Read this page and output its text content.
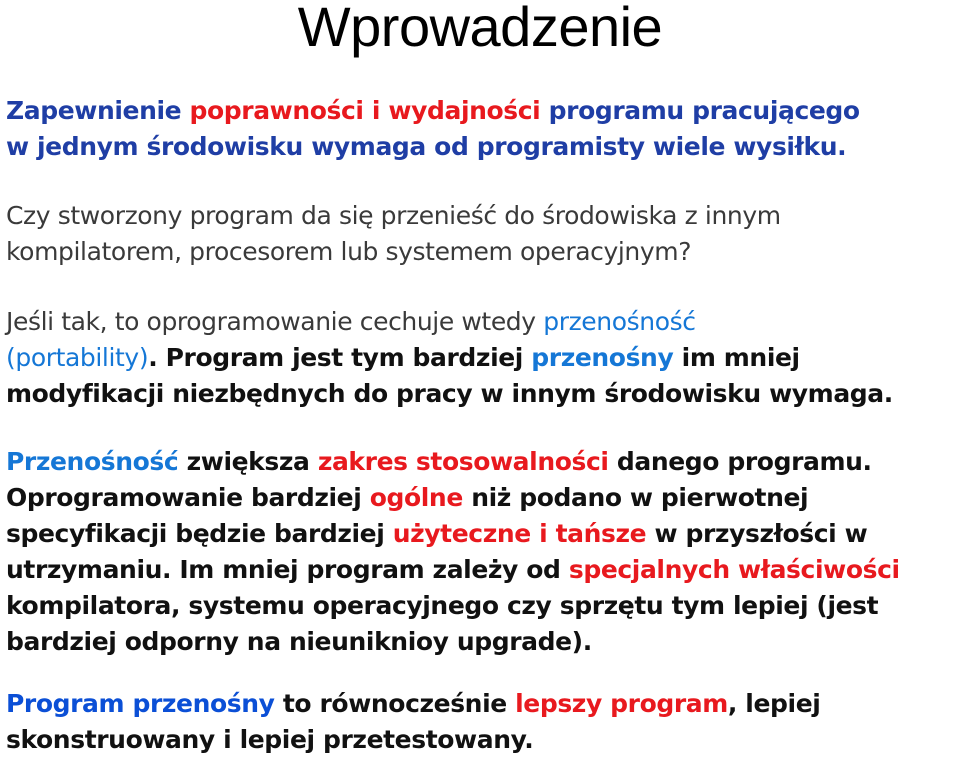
Wprowadzenie

Zapewnienie poprawności i wydajności programu pracującego
w jednym środowisku wymaga od programisty wiele wysiłku.

Czy stworzony program da się przenieść do środowiska z innym
kompilatorem, procesorem lub systemem operacyjnym?

Jeśli tak, to oprogramowanie cechuje wtedy przenośność
(portability). Program jest tym bardziej przenośny im mniej
modyfikacji niezbędnych do pracy w innym środowisku wymaga.

Przenośność zwiększa zakres stosowalności danego programu.
Oprogramowanie bardziej ogólne niż podano w pierwotnej
specyfikacji będzie bardziej użyteczne i tańsze w przyszłości w
utrzymaniu. Im mniej program zależy od specjalnych właściwości
kompilatora, systemu operacyjnego czy sprzętu tym lepiej (jest
bardziej odporny na nieuniknioy upgrade).

Program przenośny to równocześnie lepszy program, lepiej
skonstruowany i lepiej przetestowany.
